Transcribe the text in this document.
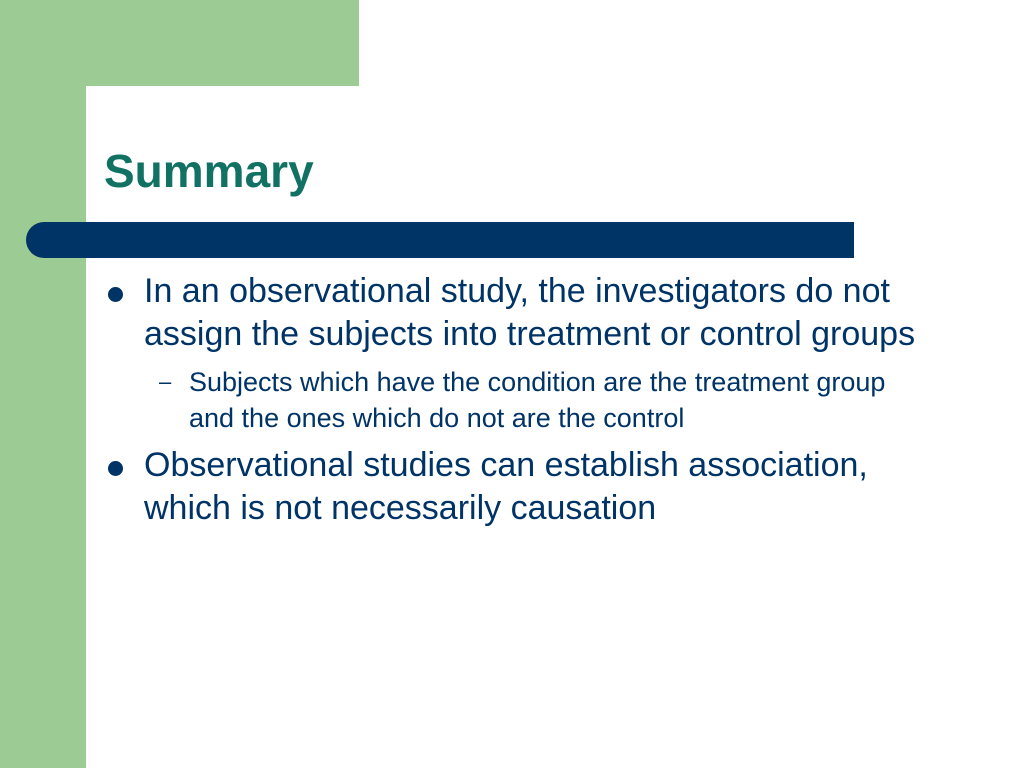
Summary
In an observational study, the investigators do not assign the subjects into treatment or control groups
– Subjects which have the condition are the treatment group and the ones which do not are the control
Observational studies can establish association, which is not necessarily causation
